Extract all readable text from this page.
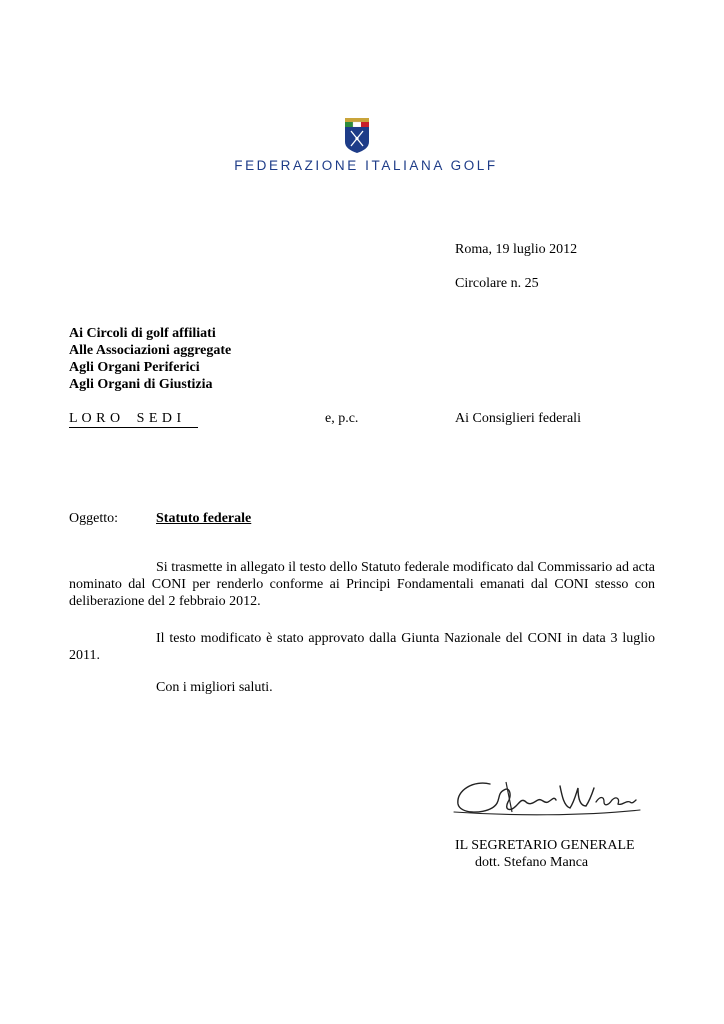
FEDERAZIONE ITALIANA GOLF
Roma, 19 luglio 2012
Circolare n. 25
Ai Circoli di golf affiliati
Alle Associazioni aggregate
Agli Organi Periferici
Agli Organi di Giustizia
L O R O    S E D I	e, p.c.	Ai Consiglieri federali
Oggetto:	Statuto federale
Si trasmette in allegato il testo dello Statuto federale modificato dal Commissario ad acta nominato dal CONI per renderlo conforme ai Principi Fondamentali emanati dal CONI stesso con deliberazione del 2 febbraio 2012.
Il testo modificato è stato approvato dalla Giunta Nazionale del CONI in data 3 luglio 2011.
Con i migliori saluti.
IL SEGRETARIO GENERALE
dott. Stefano Manca
